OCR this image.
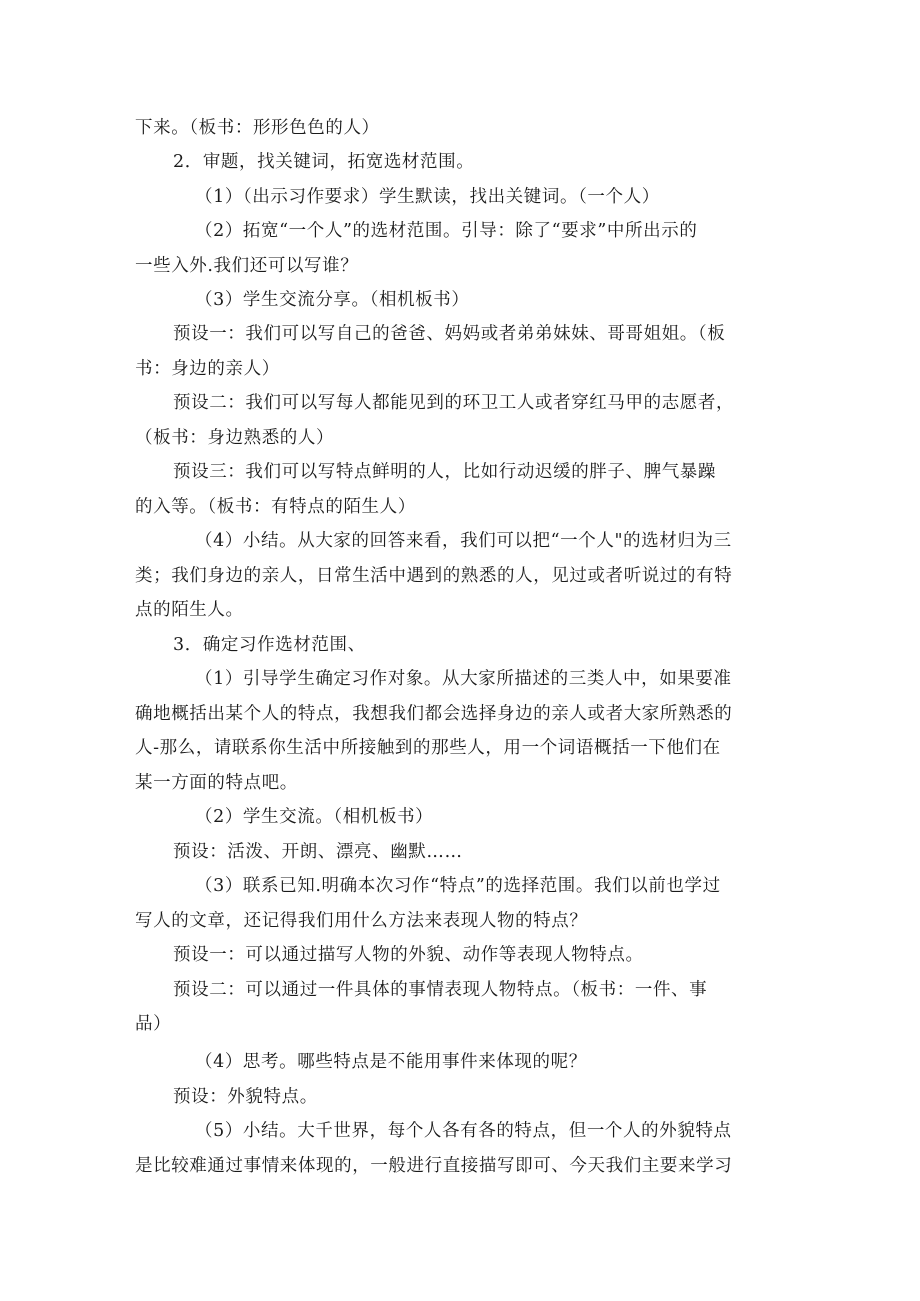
下来。（板书：形形色色的人）
2．审题，找关键词，拓宽选材范围。
（1）（出示习作要求）学生默读，找出关键词。（一个人）
（2）拓宽“一个人”的选材范围。引导：除了“要求”中所出示的
一些入外.我们还可以写谁？
（3）学生交流分享。（相机板书）
预设一：我们可以写自己的爸爸、妈妈或者弟弟妹妹、哥哥姐姐。（板
书：身边的亲人）
预设二：我们可以写每人都能见到的环卫工人或者穿红马甲的志愿者，
（板书：身边熟悉的人）
预设三：我们可以写特点鲜明的人，比如行动迟缓的胖子、脾气暴躁
的入等。（板书：有特点的陌生人）
（4）小结。从大家的回答来看，我们可以把“一个人"的选材归为三
类；我们身边的亲人，日常生活中遇到的熟悉的人，见过或者听说过的有特
点的陌生人。
3．确定习作选材范围、
（1）引导学生确定习作对象。从大家所描述的三类人中，如果要准
确地概括出某个人的特点，我想我们都会选择身边的亲人或者大家所熟悉的
人-那么，请联系你生活中所接触到的那些人，用一个词语概括一下他们在
某一方面的特点吧。
（2）学生交流。（相机板书）
预设：活泼、开朗、漂亮、幽默……
（3）联系已知.明确本次习作“特点”的选择范围。我们以前也学过
写人的文章，还记得我们用什么方法来表现人物的特点？
预设一：可以通过描写人物的外貌、动作等表现人物特点。
预设二：可以通过一件具体的事情表现人物特点。（板书：一件、事
品）
（4）思考。哪些特点是不能用事件来体现的呢？
预设：外貌特点。
（5）小结。大千世界，每个人各有各的特点，但一个人的外貌特点
是比较难通过事情来体现的，一般进行直接描写即可、今天我们主要来学习
